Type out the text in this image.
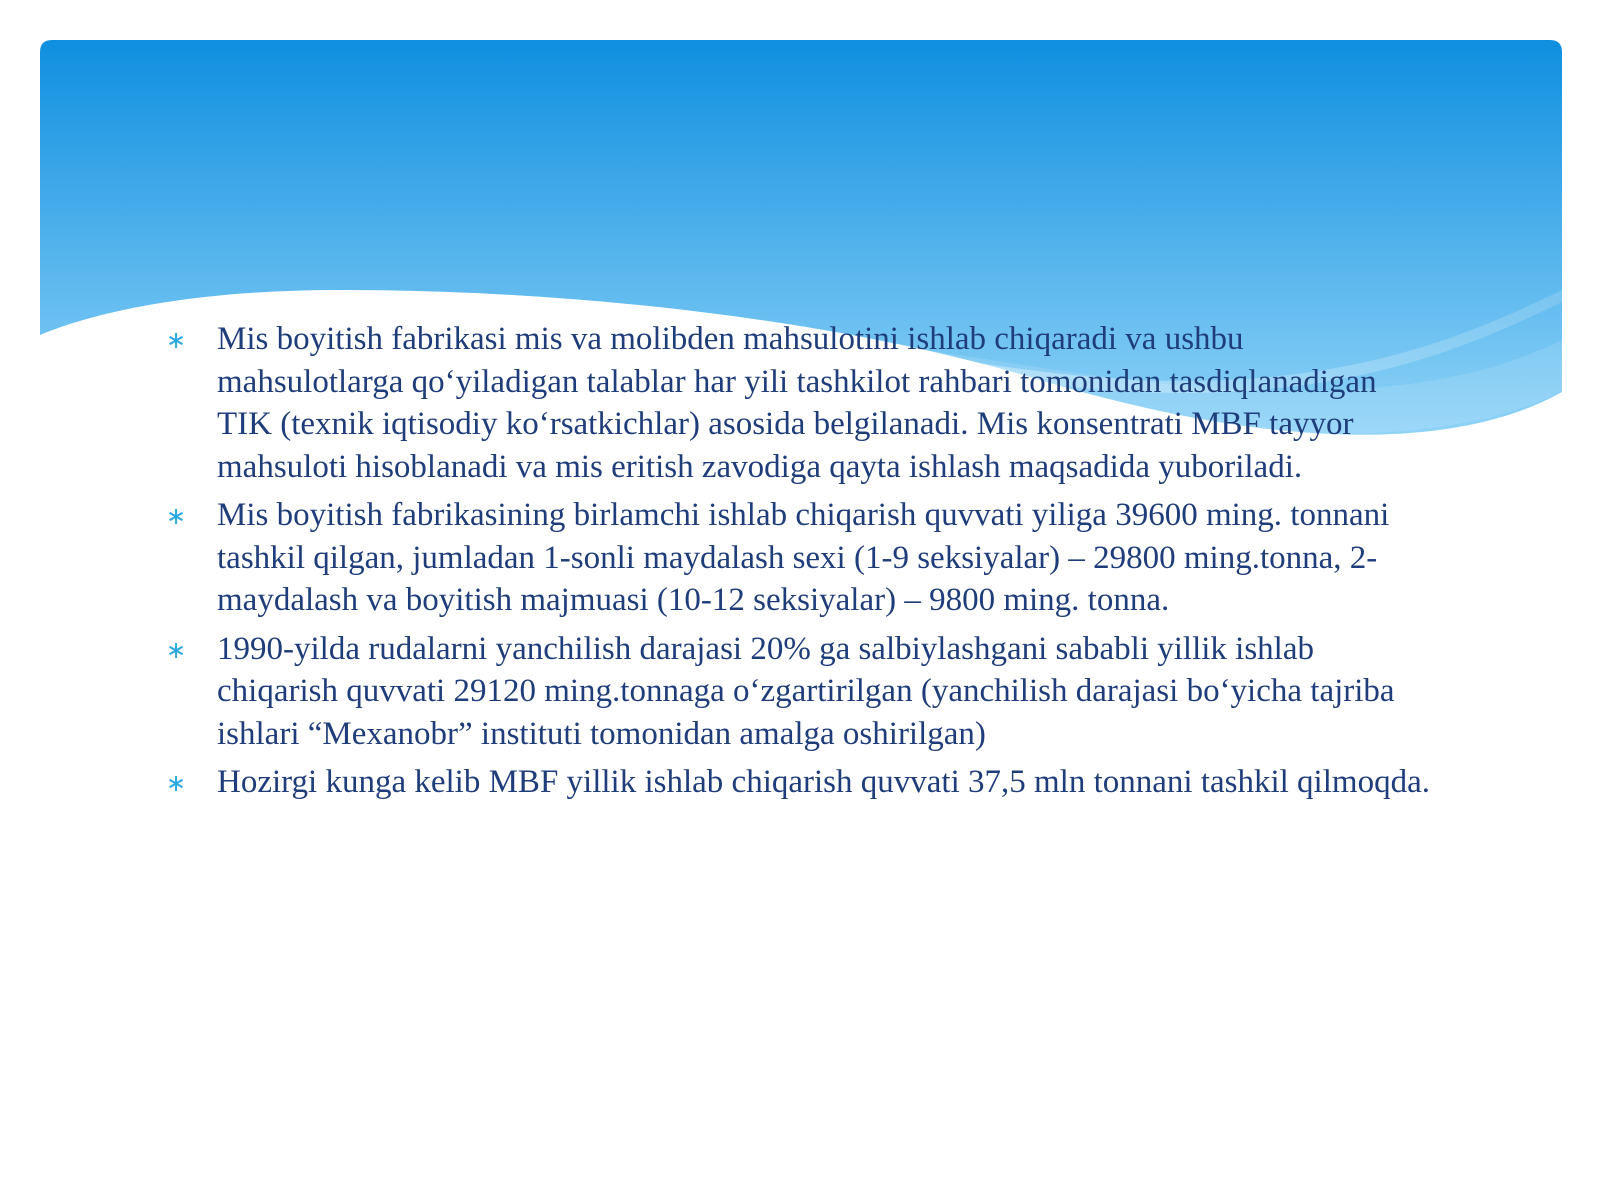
∗ Mis boyitish fabrikasi mis va molibden mahsulotini ishlab chiqaradi va ushbu mahsulotlarga qo‘yiladigan talablar har yili tashkilot rahbari tomonidan tasdiqlanadigan TIK (texnik iqtisodiy ko‘rsatkichlar) asosida belgilanadi. Mis konsentrati MBF tayyor mahsuloti hisoblanadi va mis eritish zavodiga qayta ishlash maqsadida yuboriladi.
∗ Mis boyitish fabrikasining birlamchi ishlab chiqarish quvvati yiliga 39600 ming. tonnani tashkil qilgan, jumladan 1-sonli maydalash sexi (1-9 seksiyalar) – 29800 ming.tonna, 2-maydalash va boyitish majmuasi (10-12 seksiyalar) – 9800 ming. tonna.
∗ 1990-yilda rudalarni yanchilish darajasi 20% ga salbiylashgani sababli yillik ishlab chiqarish quvvati 29120 ming.tonnaga o‘zgartirilgan (yanchilish darajasi bo‘yicha tajriba ishlari “Mexanobr” instituti tomonidan amalga oshirilgan)
∗ Hozirgi kunga kelib MBF yillik ishlab chiqarish quvvati 37,5 mln tonnani tashkil qilmoqda.
